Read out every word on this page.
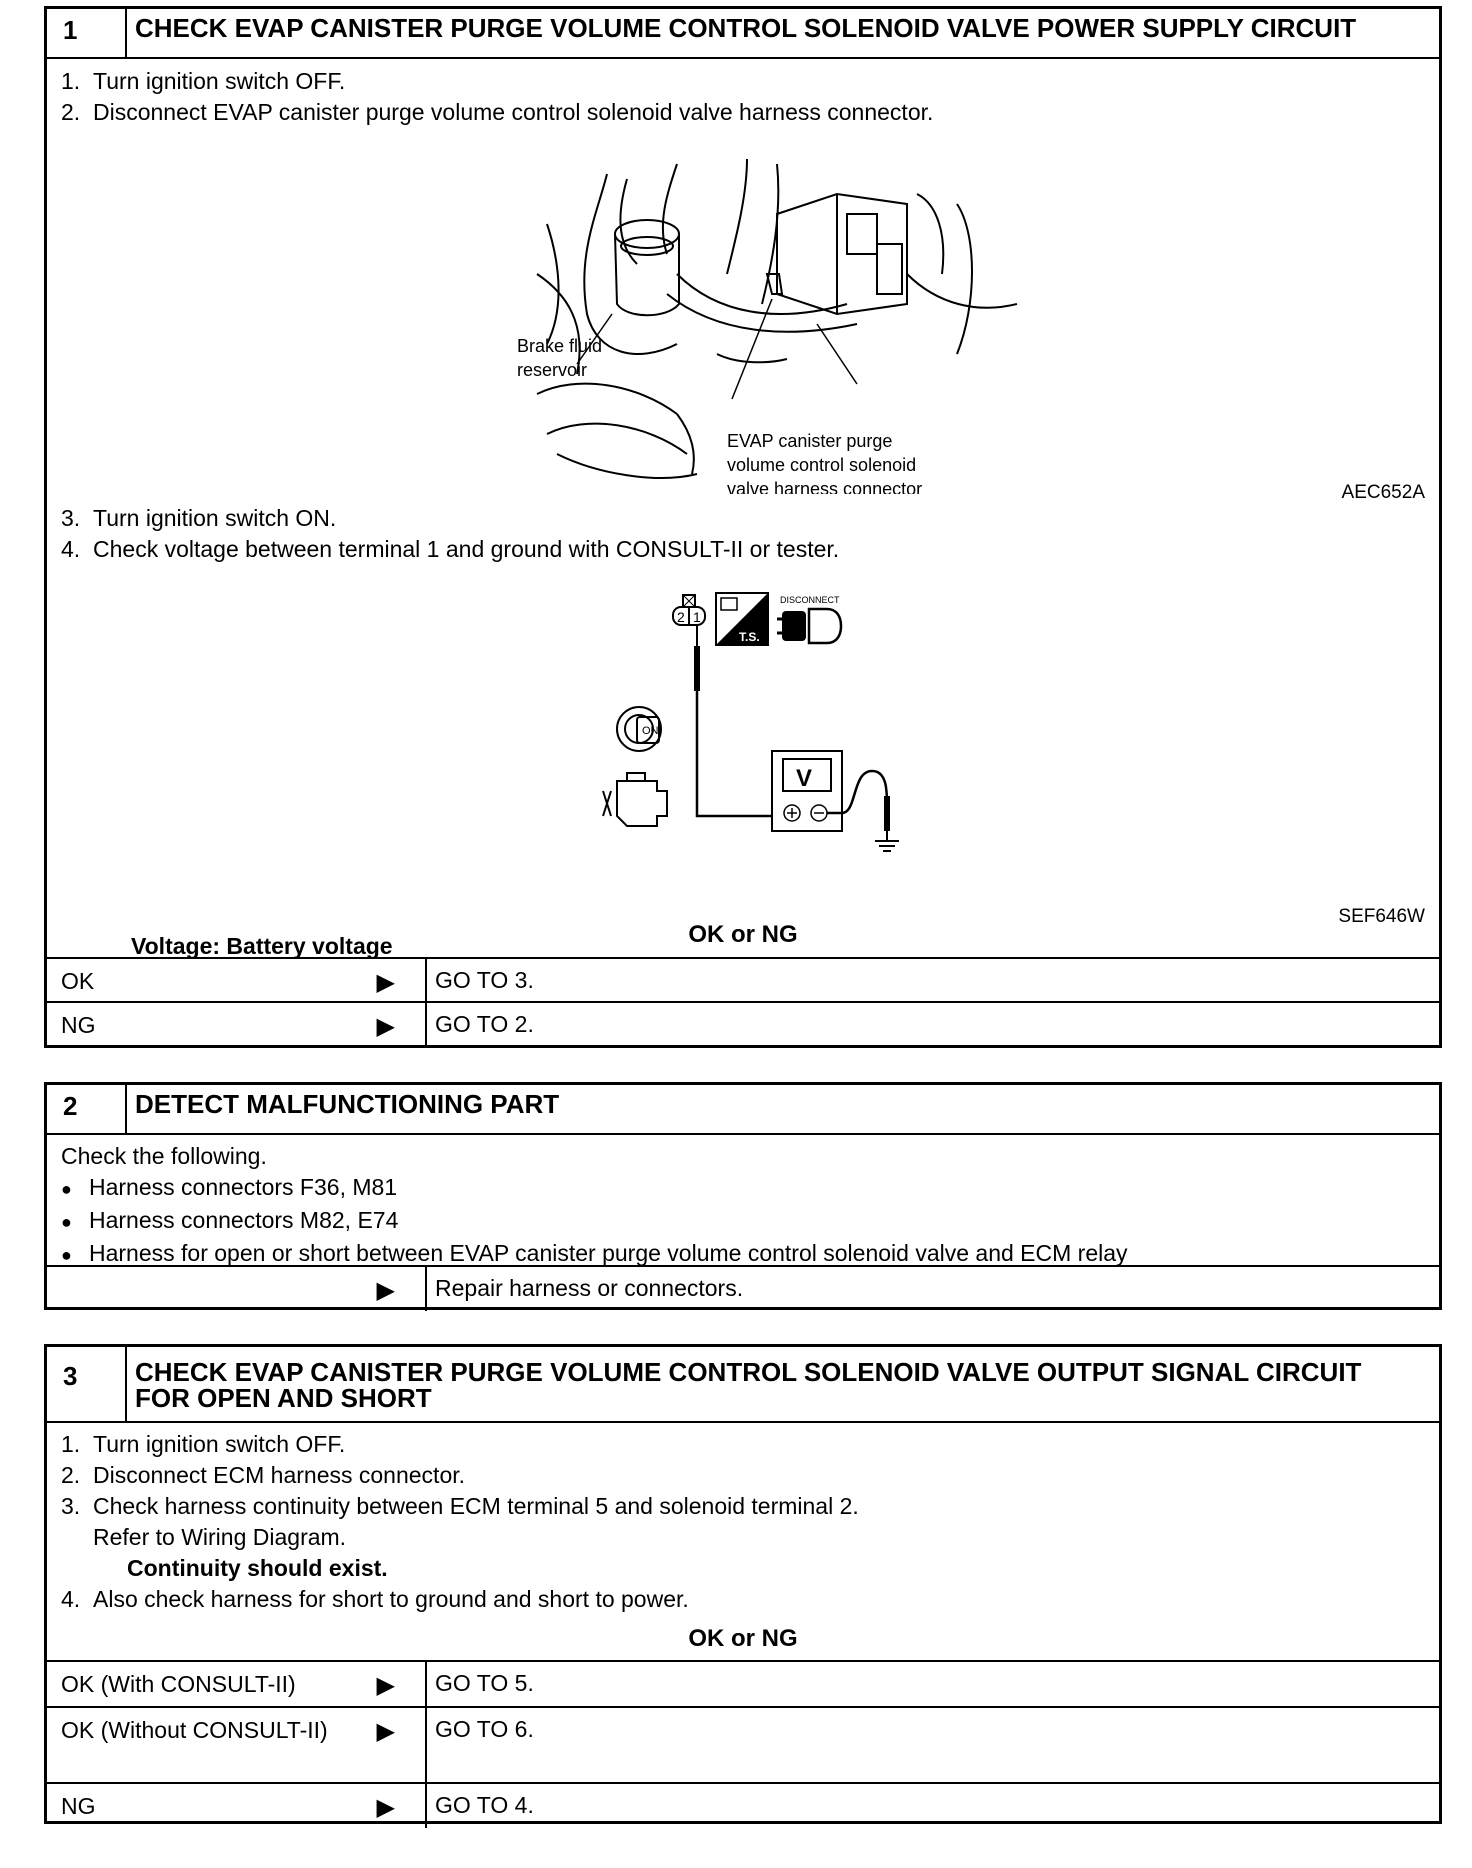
1	CHECK EVAP CANISTER PURGE VOLUME CONTROL SOLENOID VALVE POWER SUPPLY CIRCUIT
1. Turn ignition switch OFF.
2. Disconnect EVAP canister purge volume control solenoid valve harness connector.
Brake fluid
reservoir
EVAP canister purge
volume control solenoid
valve harness connector	AEC652A
3. Turn ignition switch ON.
4. Check voltage between terminal 1 and ground with CONSULT-II or tester.
2 1
T.S.
DISCONNECT
V
ON
SEF646W
Voltage: Battery voltage	OK or NG
OK	▶	GO TO 3.
NG	▶	GO TO 2.
2	DETECT MALFUNCTIONING PART
Check the following.
● Harness connectors F36, M81
● Harness connectors M82, E74
● Harness for open or short between EVAP canister purge volume control solenoid valve and ECM relay
▶	Repair harness or connectors.
3	CHECK EVAP CANISTER PURGE VOLUME CONTROL SOLENOID VALVE OUTPUT SIGNAL CIRCUIT
FOR OPEN AND SHORT
1. Turn ignition switch OFF.
2. Disconnect ECM harness connector.
3. Check harness continuity between ECM terminal 5 and solenoid terminal 2.
Refer to Wiring Diagram.
Continuity should exist.
4. Also check harness for short to ground and short to power.
OK or NG
OK (With CONSULT-II)	▶	GO TO 5.
OK (Without CONSULT-II) ▶	GO TO 6.
NG	▶	GO TO 4.
